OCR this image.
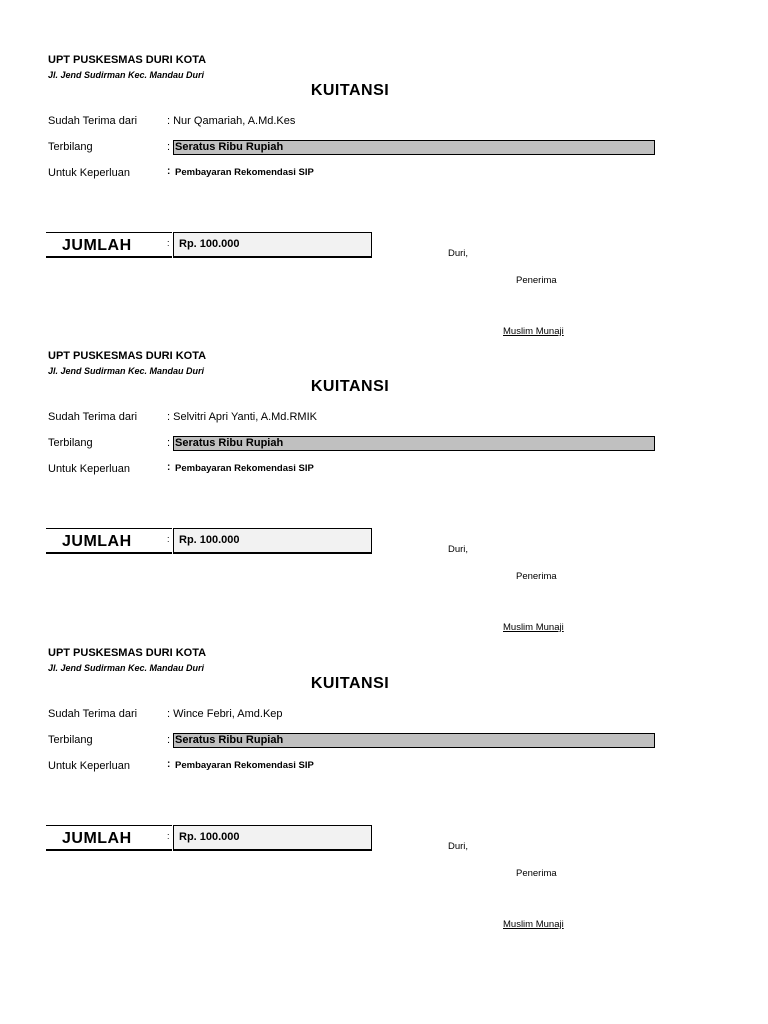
UPT PUSKESMAS DURI KOTA
Jl. Jend Sudirman Kec. Mandau Duri
KUITANSI
Sudah Terima dari	: Nur Qamariah, A.Md.Kes
Terbilang	: Seratus Ribu Rupiah
Untuk Keperluan	: Pembayaran Rekomendasi SIP
JUMLAH	: Rp. 100.000
Duri,
Penerima
Muslim Munaji
UPT PUSKESMAS DURI KOTA
Jl. Jend Sudirman Kec. Mandau Duri
KUITANSI
Sudah Terima dari	: Selvitri Apri Yanti, A.Md.RMIK
Terbilang	: Seratus Ribu Rupiah
Untuk Keperluan	: Pembayaran Rekomendasi SIP
JUMLAH	: Rp. 100.000
Duri,
Penerima
Muslim Munaji
UPT PUSKESMAS DURI KOTA
Jl. Jend Sudirman Kec. Mandau Duri
KUITANSI
Sudah Terima dari	: Wince Febri, Amd.Kep
Terbilang	: Seratus Ribu Rupiah
Untuk Keperluan	: Pembayaran Rekomendasi SIP
JUMLAH	: Rp. 100.000
Duri,
Penerima
Muslim Munaji
